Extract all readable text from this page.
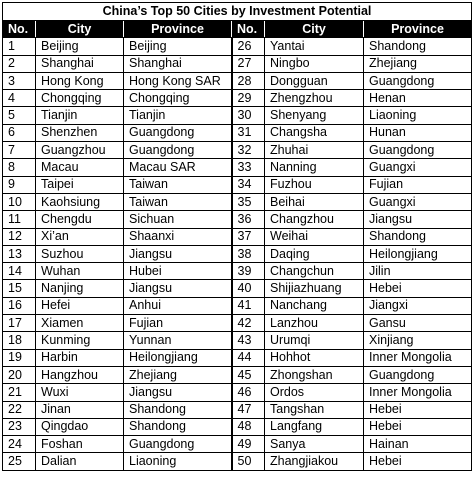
China’s Top 50 Cities by Investment Potential					
No.	City	Province	No.	City	Province
1	Beijing	Beijing	26	Yantai	Shandong
2	Shanghai	Shanghai	27	Ningbo	Zhejiang
3	Hong Kong	Hong Kong SAR	28	Dongguan	Guangdong
4	Chongqing	Chongqing	29	Zhengzhou	Henan
5	Tianjin	Tianjin	30	Shenyang	Liaoning
6	Shenzhen	Guangdong	31	Changsha	Hunan
7	Guangzhou	Guangdong	32	Zhuhai	Guangdong
8	Macau	Macau SAR	33	Nanning	Guangxi
9	Taipei	Taiwan	34	Fuzhou	Fujian
10	Kaohsiung	Taiwan	35	Beihai	Guangxi
11	Chengdu	Sichuan	36	Changzhou	Jiangsu
12	Xi’an	Shaanxi	37	Weihai	Shandong
13	Suzhou	Jiangsu	38	Daqing	Heilongjiang
14	Wuhan	Hubei	39	Changchun	Jilin
15	Nanjing	Jiangsu	40	Shijiazhuang	Hebei
16	Hefei	Anhui	41	Nanchang	Jiangxi
17	Xiamen	Fujian	42	Lanzhou	Gansu
18	Kunming	Yunnan	43	Urumqi	Xinjiang
19	Harbin	Heilongjiang	44	Hohhot	Inner Mongolia
20	Hangzhou	Zhejiang	45	Zhongshan	Guangdong
21	Wuxi	Jiangsu	46	Ordos	Inner Mongolia
22	Jinan	Shandong	47	Tangshan	Hebei
23	Qingdao	Shandong	48	Langfang	Hebei
24	Foshan	Guangdong	49	Sanya	Hainan
25	Dalian	Liaoning	50	Zhangjiakou	Hebei
